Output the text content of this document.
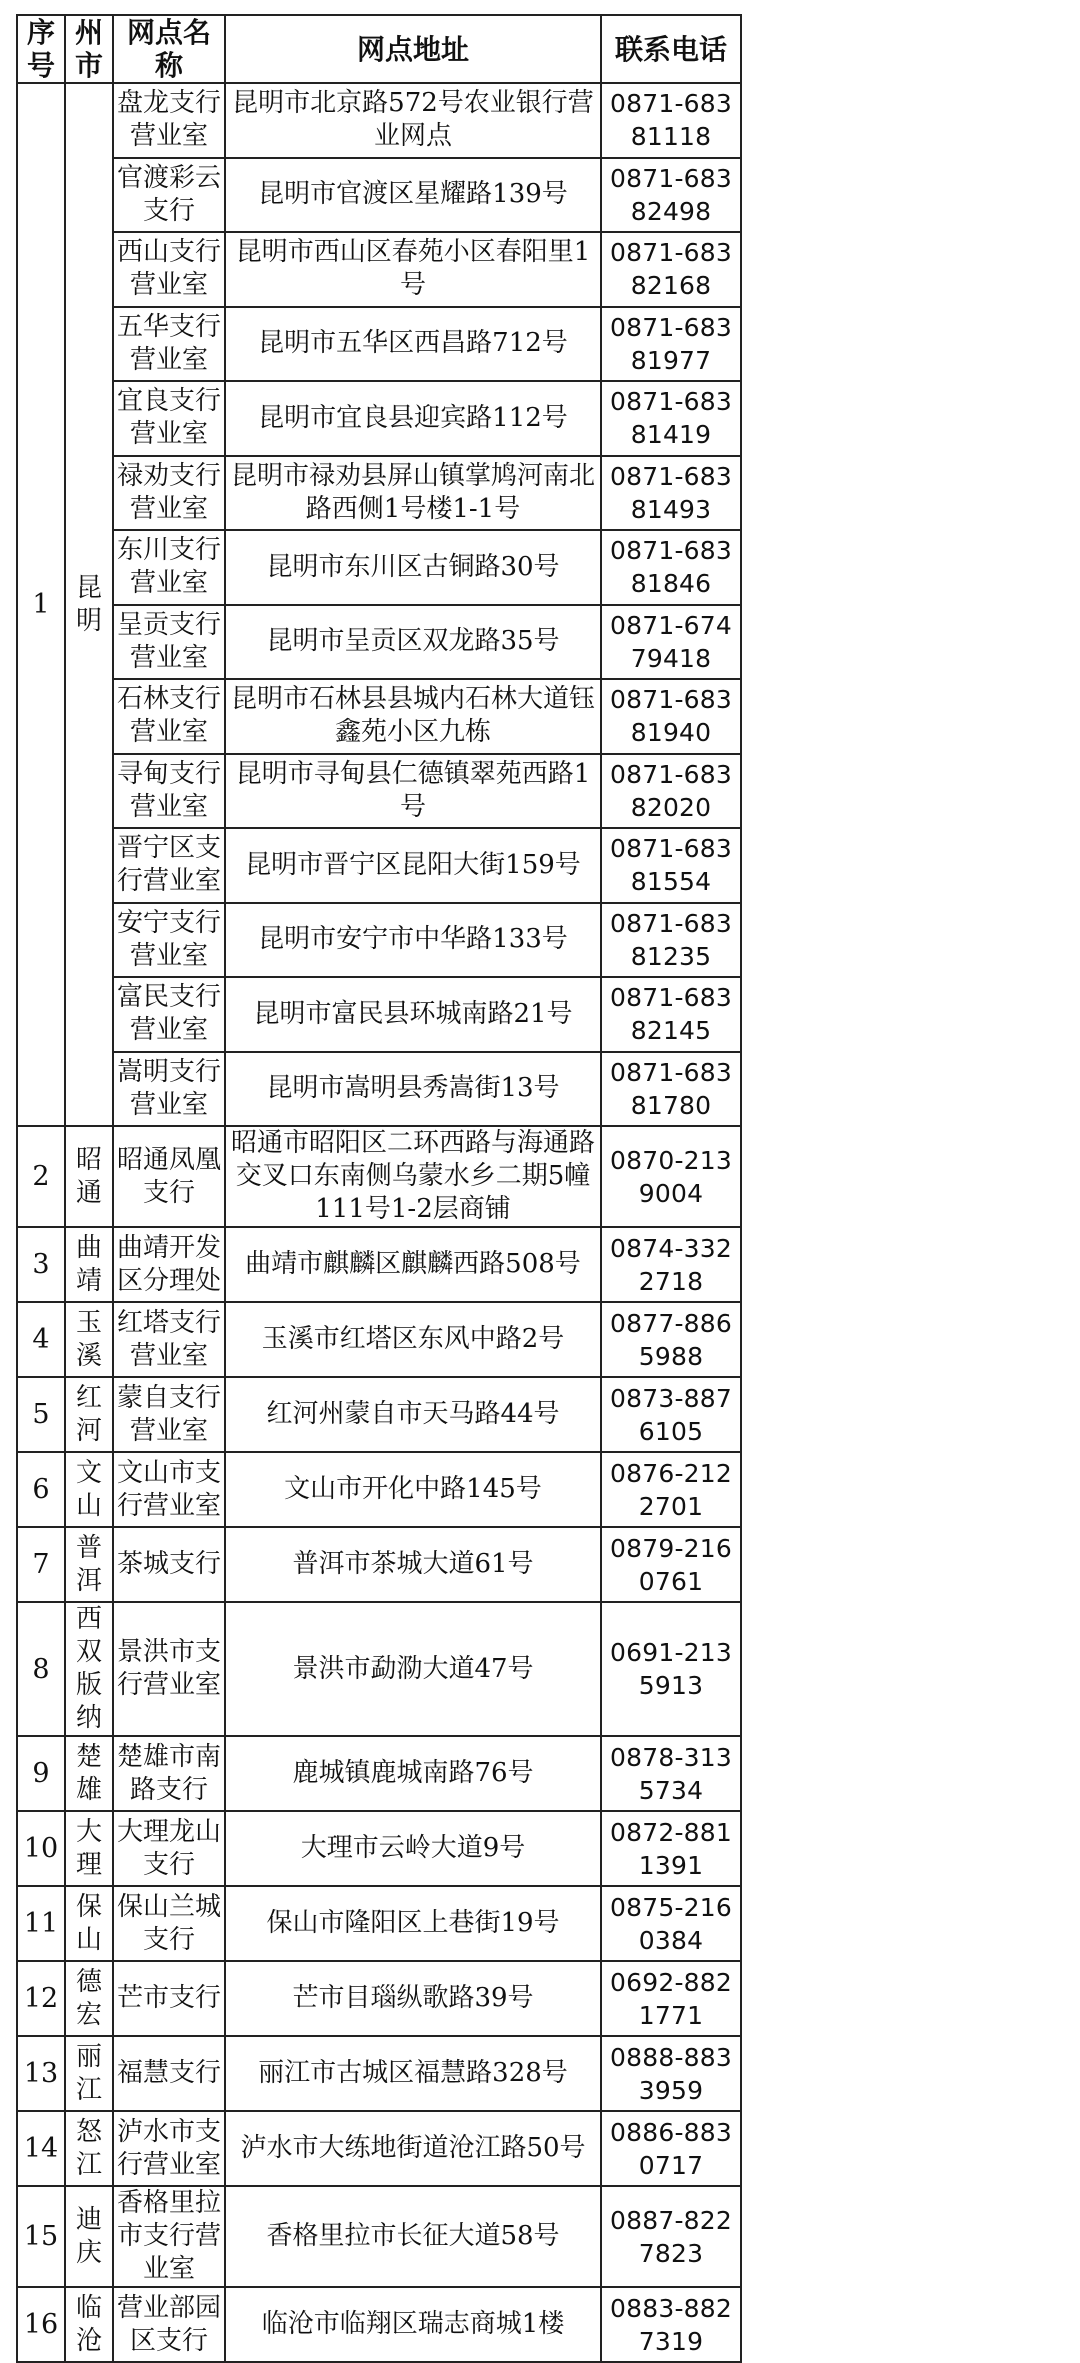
序号	州市	网点名称	网点地址	联系电话
1	昆明	盘龙支行营业室	昆明市北京路572号农业银行营业网点	0871-68381118
		官渡彩云支行	昆明市官渡区星耀路139号	0871-68382498
		西山支行营业室	昆明市西山区春苑小区春阳里1号	0871-68382168
		五华支行营业室	昆明市五华区西昌路712号	0871-68381977
		宜良支行营业室	昆明市宜良县迎宾路112号	0871-68381419
		禄劝支行营业室	昆明市禄劝县屏山镇掌鸠河南北路西侧1号楼1-1号	0871-68381493
		东川支行营业室	昆明市东川区古铜路30号	0871-68381846
		呈贡支行营业室	昆明市呈贡区双龙路35号	0871-67479418
		石林支行营业室	昆明市石林县县城内石林大道钰鑫苑小区九栋	0871-68381940
		寻甸支行营业室	昆明市寻甸县仁德镇翠苑西路1号	0871-68382020
		晋宁区支行营业室	昆明市晋宁区昆阳大街159号	0871-68381554
		安宁支行营业室	昆明市安宁市中华路133号	0871-68381235
		富民支行营业室	昆明市富民县环城南路21号	0871-68382145
		嵩明支行营业室	昆明市嵩明县秀嵩街13号	0871-68381780
2	昭通	昭通凤凰支行	昭通市昭阳区二环西路与海通路交叉口东南侧乌蒙水乡二期5幢111号1-2层商铺	0870-2139004
3	曲靖	曲靖开发区分理处	曲靖市麒麟区麒麟西路508号	0874-3322718
4	玉溪	红塔支行营业室	玉溪市红塔区东风中路2号	0877-8865988
5	红河	蒙自支行营业室	红河州蒙自市天马路44号	0873-8876105
6	文山	文山市支行营业室	文山市开化中路145号	0876-2122701
7	普洱	茶城支行	普洱市茶城大道61号	0879-2160761
8	西双版纳	景洪市支行营业室	景洪市勐泐大道47号	0691-2135913
9	楚雄	楚雄市南路支行	鹿城镇鹿城南路76号	0878-3135734
10	大理	大理龙山支行	大理市云岭大道9号	0872-8811391
11	保山	保山兰城支行	保山市隆阳区上巷街19号	0875-2160384
12	德宏	芒市支行	芒市目瑙纵歌路39号	0692-8821771
13	丽江	福慧支行	丽江市古城区福慧路328号	0888-8833959
14	怒江	泸水市支行营业室	泸水市大练地街道沧江路50号	0886-8830717
15	迪庆	香格里拉市支行营业室	香格里拉市长征大道58号	0887-8227823
16	临沧	营业部园区支行	临沧市临翔区瑞志商城1楼	0883-8827319
